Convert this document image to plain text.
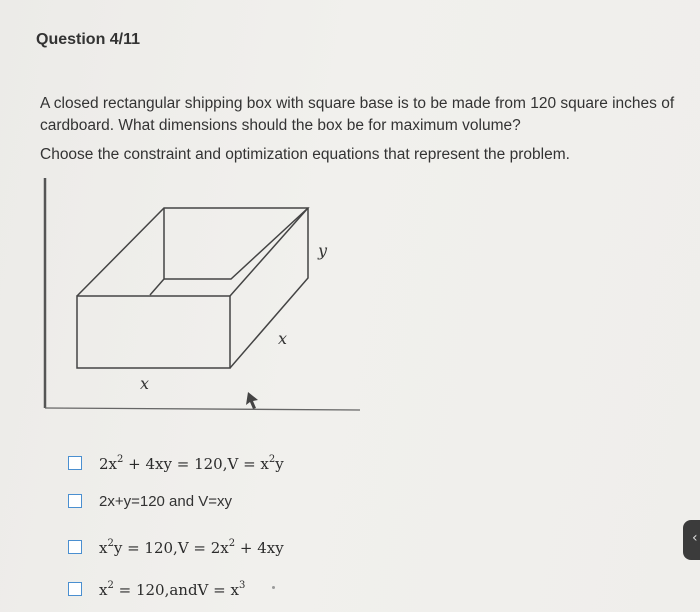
Question 4/11
A closed rectangular shipping box with square base is to be made from 120 square inches of cardboard. What dimensions should the box be for maximum volume?
Choose the constraint and optimization equations that represent the problem.
y
x
x
$2x^2 + 4xy = 120,V = x^2y$
2x+y=120 and V=xy
$x^2y = 120,V = 2x^2 + 4xy$
$x^2$ = 120,andV = $x^3$
‹
